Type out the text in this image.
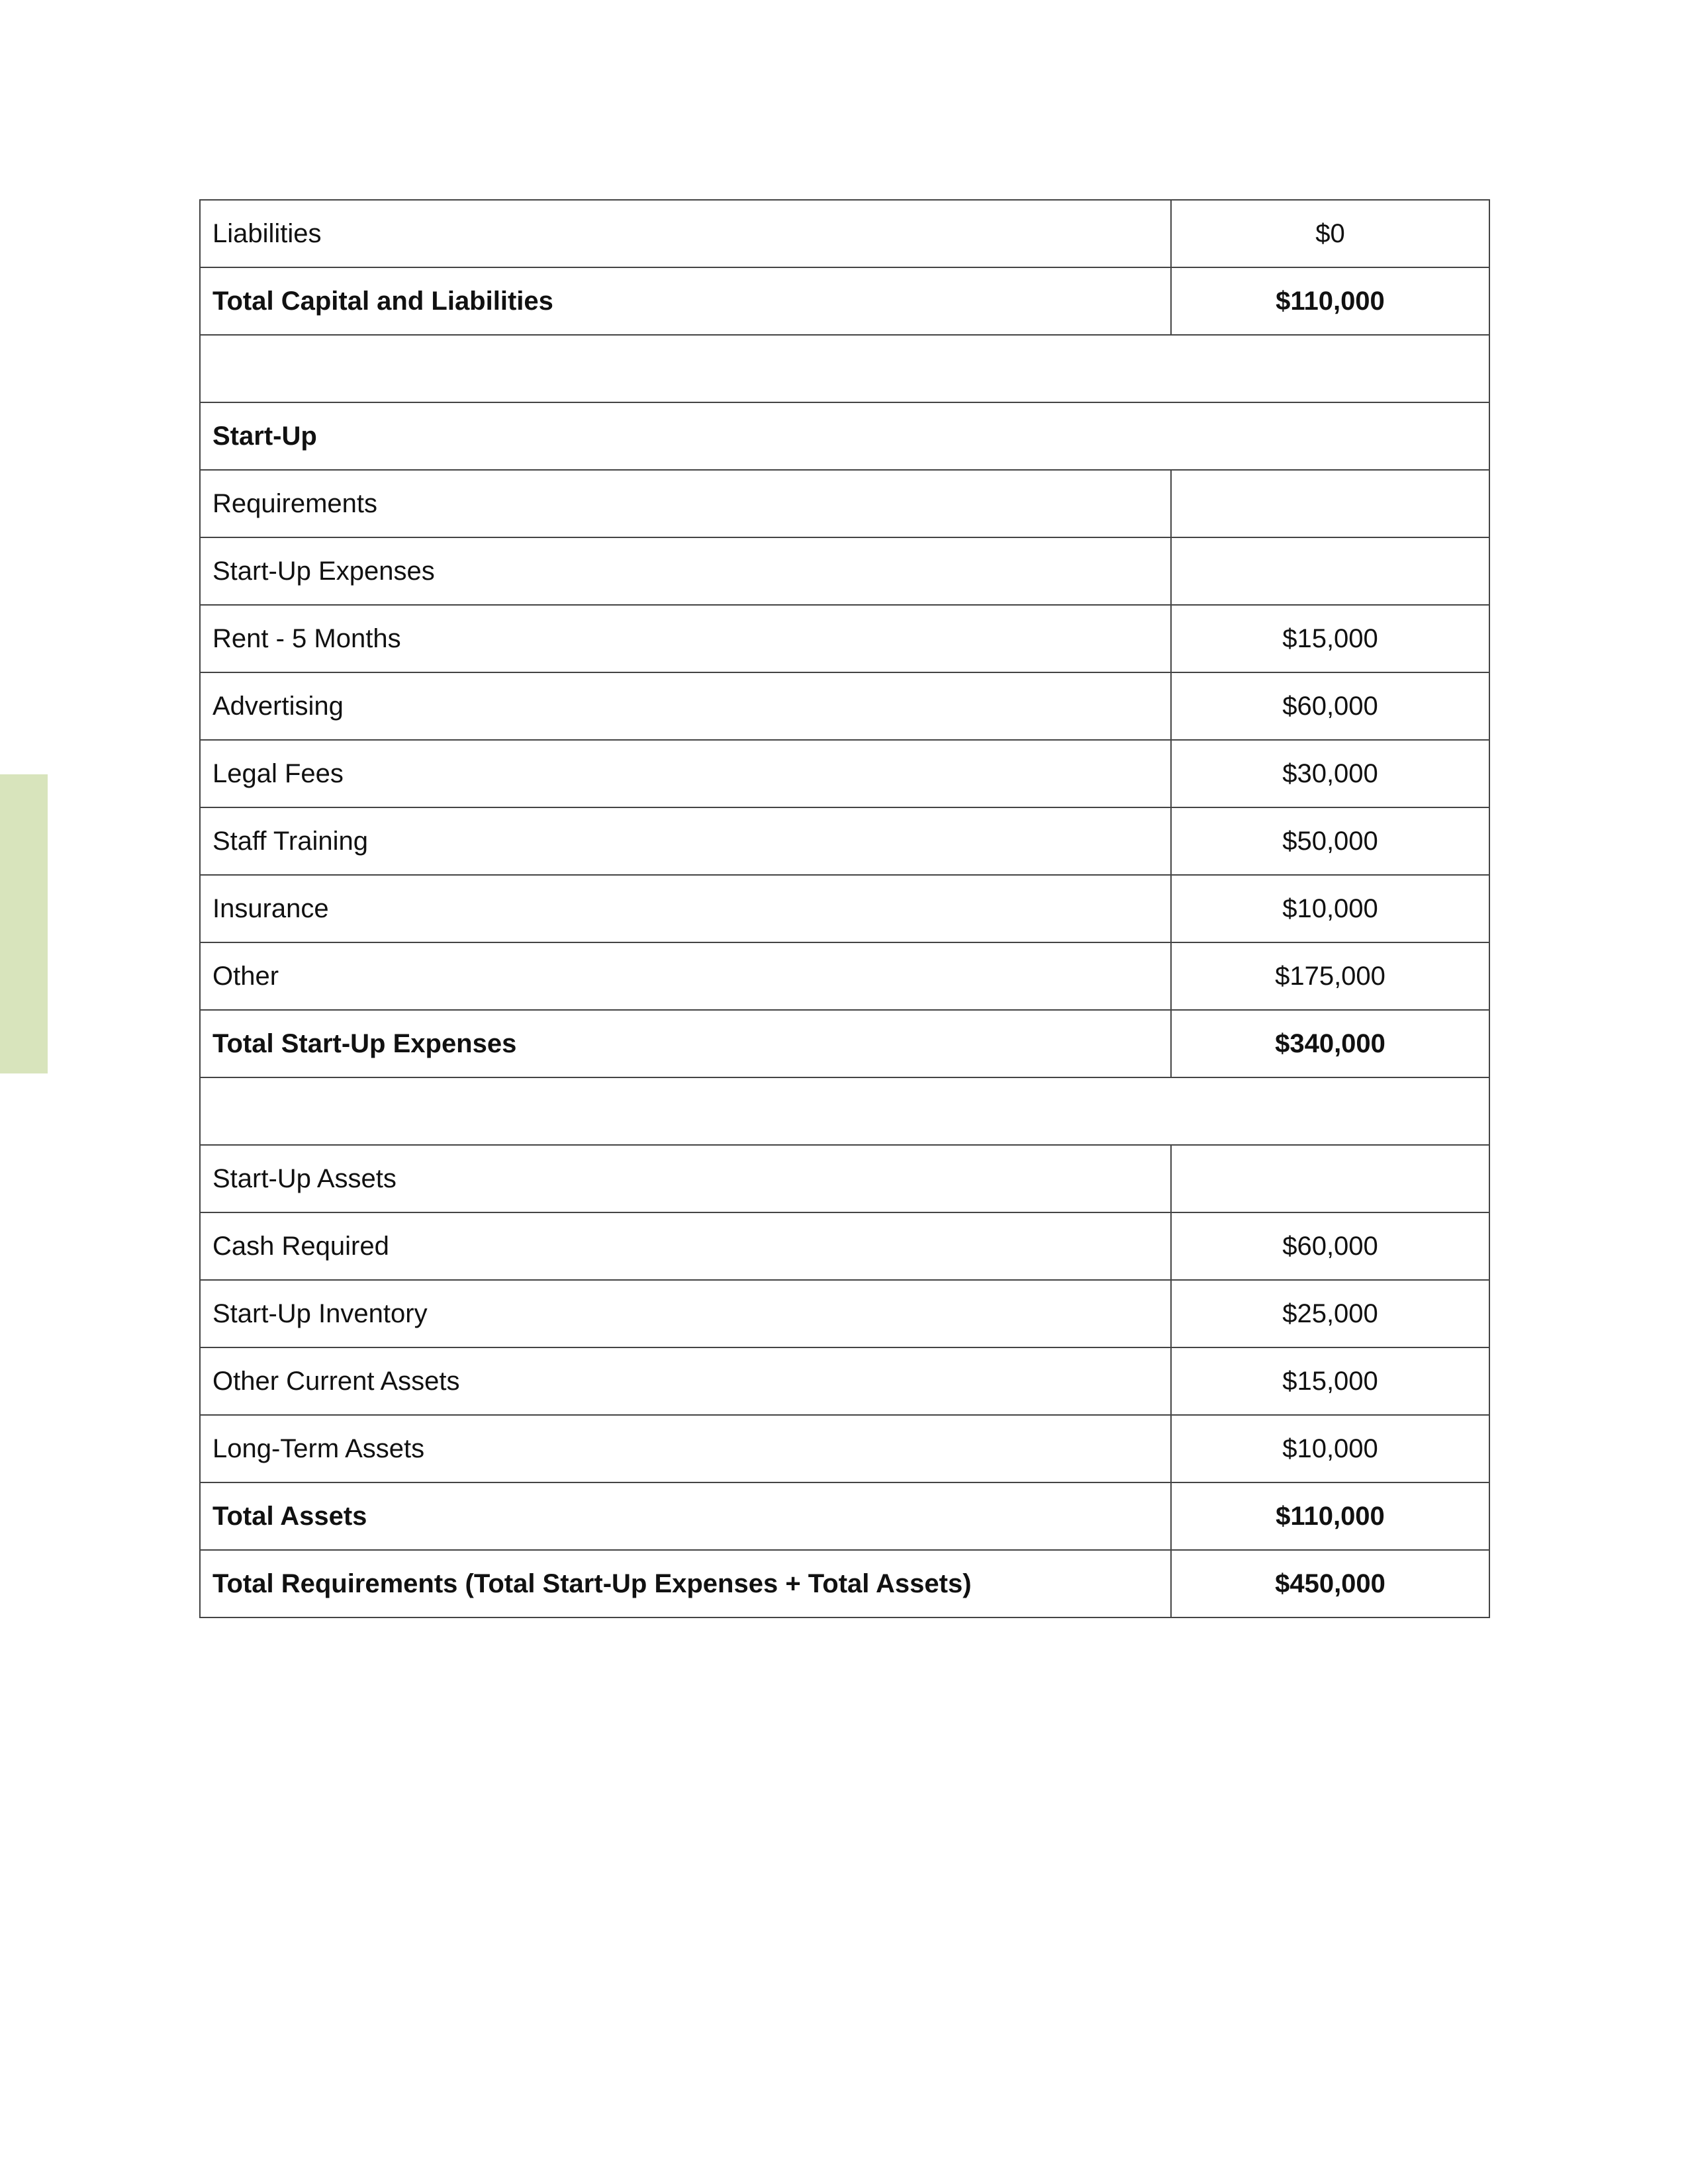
Liabilities	$0
Total Capital and Liabilities	$110,000

Start-Up	
Requirements	
Start-Up Expenses	
Rent - 5 Months	$15,000
Advertising	$60,000
Legal Fees	$30,000
Staff Training	$50,000
Insurance	$10,000
Other	$175,000
Total Start-Up Expenses	$340,000

Start-Up Assets	
Cash Required	$60,000
Start-Up Inventory	$25,000
Other Current Assets	$15,000
Long-Term Assets	$10,000
Total Assets	$110,000
Total Requirements (Total Start-Up Expenses + Total Assets)	$450,000
